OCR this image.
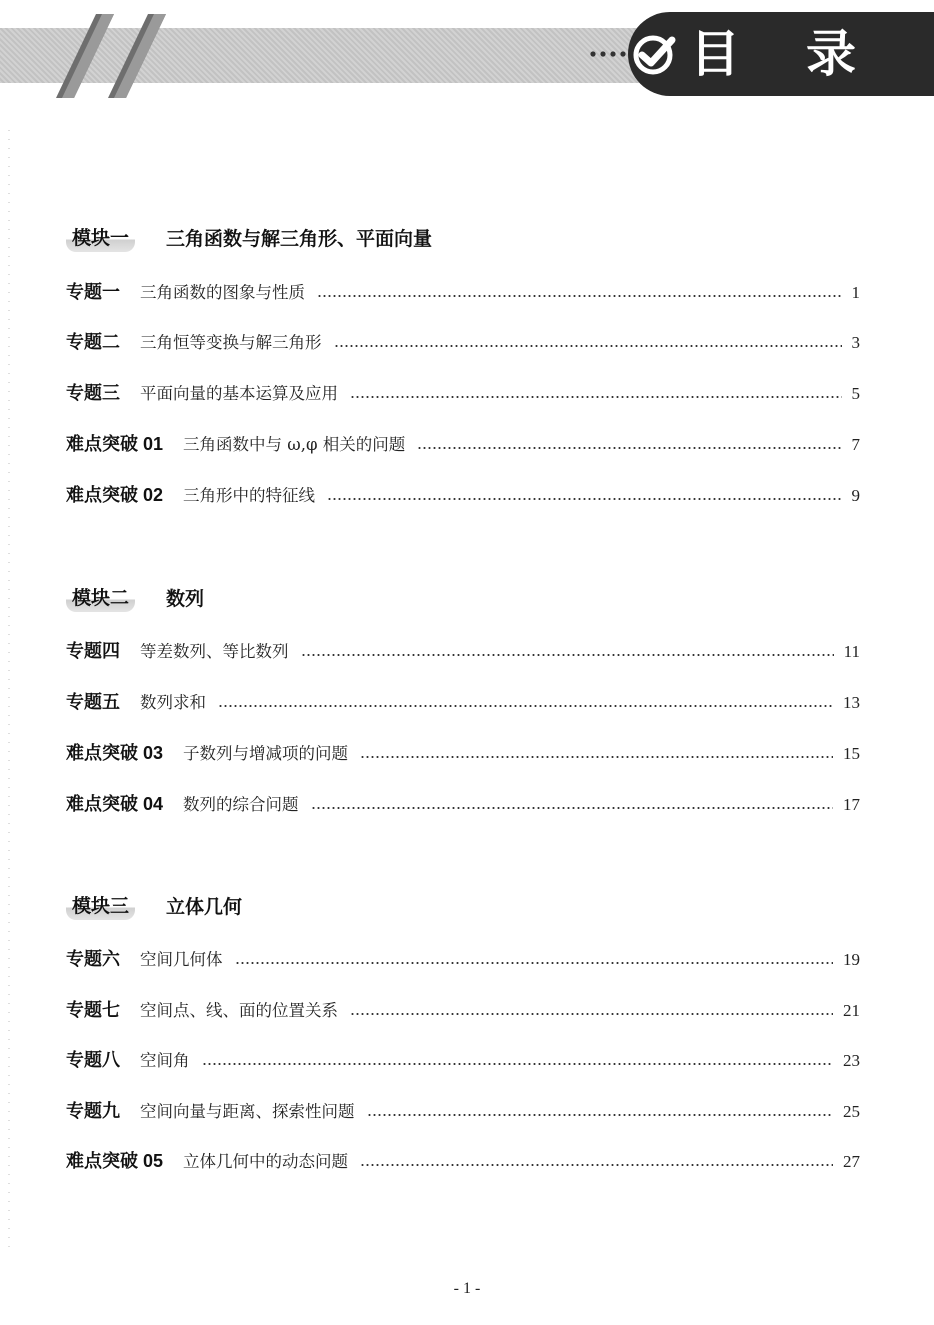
目 录
模块一	三角函数与解三角形、平面向量
专题一 三角函数的图象与性质	1
专题二 三角恒等变换与解三角形	3
专题三 平面向量的基本运算及应用	5
难点突破 01 三角函数中与 ω,φ 相关的问题	7
难点突破 02 三角形中的特征线	9
模块二	数列
专题四 等差数列、等比数列	11
专题五 数列求和	13
难点突破 03 子数列与增减项的问题	15
难点突破 04 数列的综合问题	17
模块三	立体几何
专题六 空间几何体	19
专题七 空间点、线、面的位置关系	21
专题八 空间角	23
专题九 空间向量与距离、探索性问题	25
难点突破 05 立体几何中的动态问题	27
- 1 -
